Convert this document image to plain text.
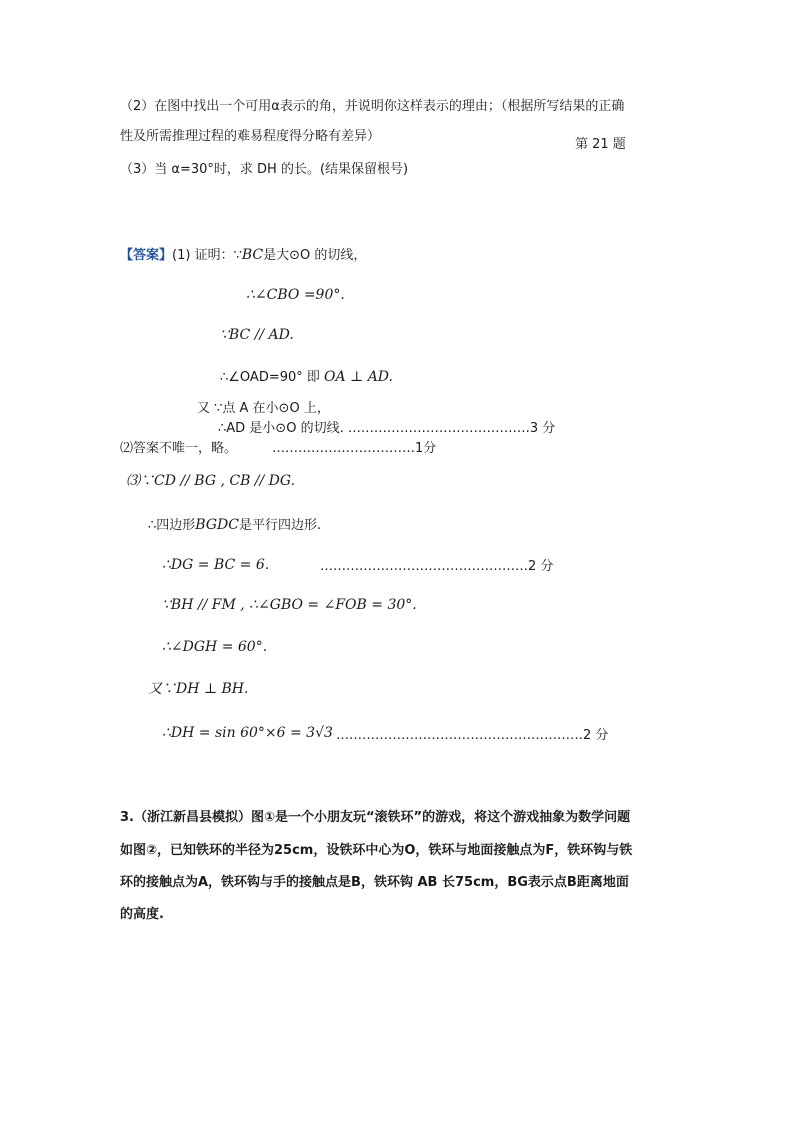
（2）在图中找出一个可用α表示的角，并说明你这样表示的理由；（根据所写结果的正确
性及所需推理过程的难易程度得分略有差异）
第 21 题
（3）当 α=30°时，求 DH 的长。(结果保留根号)
【答案】(1) 证明：∵BC是大⊙O 的切线，
∴∠CBO =90°.
∵BC // AD.
∴∠OAD=90° 即 OA ⊥ AD.
又 ∵点 A 在小⊙O 上，
∴AD 是小⊙O 的切线. ……………………………………3 分
⑵答案不唯一，略。	……………………………1分
⑶∵CD // BG , CB // DG.
∴四边形BGDC是平行四边形.
∴DG = BC = 6.	…………………………………………2 分
∵BH // FM , ∴∠GBO = ∠FOB = 30°.
∴∠DGH = 60°.
又∵DH ⊥ BH.
∴DH = sin 60°×6 = 3√3 …………………………………………………2 分
3.（浙江新昌县模拟）图①是一个小朋友玩“滚铁环”的游戏，将这个游戏抽象为数学问题
如图②，已知铁环的半径为25cm，设铁环中心为O，铁环与地面接触点为F，铁环钩与铁
环的接触点为A，铁环钩与手的接触点是B，铁环钩 AB 长75cm，BG表示点B距离地面
的高度.
